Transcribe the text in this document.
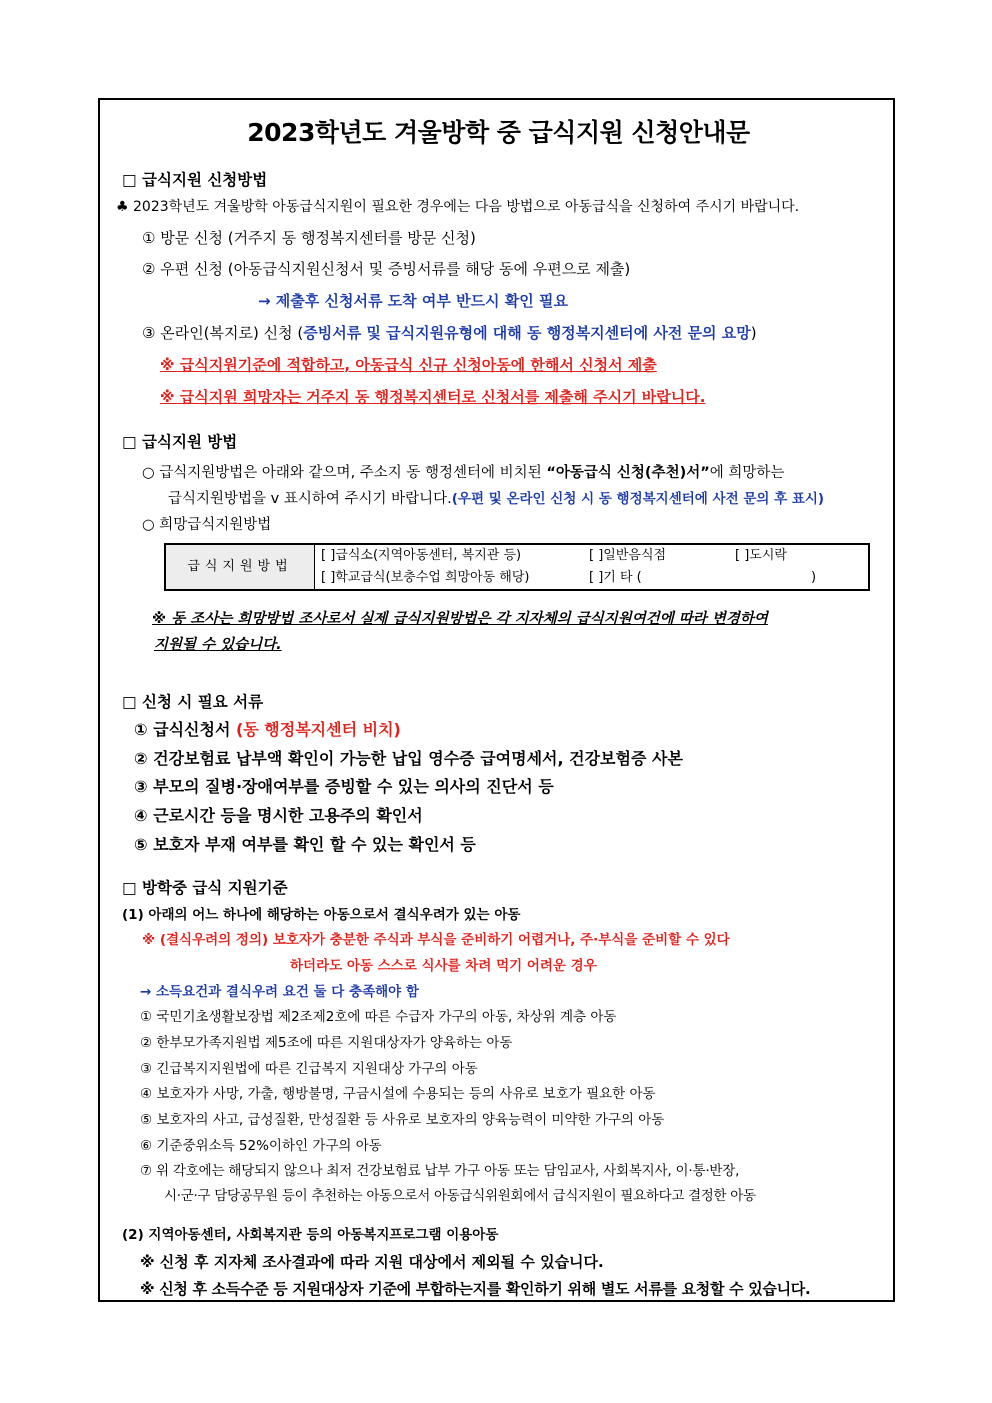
2023학년도 겨울방학 중 급식지원 신청안내문
□ 급식지원 신청방법
♣ 2023학년도 겨울방학 아동급식지원이 필요한 경우에는 다음 방법으로 아동급식을 신청하여 주시기 바랍니다.
① 방문 신청 (거주지 동 행정복지센터를 방문 신청)
② 우편 신청 (아동급식지원신청서 및 증빙서류를 해당 동에 우편으로 제출)
→ 제출후 신청서류 도착 여부 반드시 확인 필요
③ 온라인(복지로) 신청 (증빙서류 및 급식지원유형에 대해 동 행정복지센터에 사전 문의 요망)
※ 급식지원기준에 적합하고, 아동급식 신규 신청아동에 한해서 신청서 제출
※ 급식지원 희망자는 거주지 동 행정복지센터로 신청서를 제출해 주시기 바랍니다.
□ 급식지원 방법
○ 급식지원방법은 아래와 같으며, 주소지 동 행정센터에 비치된 “아동급식 신청(추천)서”에 희망하는
급식지원방법을 v 표시하여 주시기 바랍니다.(우편 및 온라인 신청 시 동 행정복지센터에 사전 문의 후 표시)
○ 희망급식지원방법
급식지원방법	[ ]급식소(지역아동센터, 복지관 등)	[ ]일반음식점	[ ]도시락
[ ]학교급식(보충수업 희망아동 해당)	[ ]기 타 (	)
※ 동 조사는 희망방법 조사로서 실제 급식지원방법은 각 지자체의 급식지원여건에 따라 변경하여
지원될 수 있습니다.
□ 신청 시 필요 서류
① 급식신청서 (동 행정복지센터 비치)
② 건강보험료 납부액 확인이 가능한 납입 영수증 급여명세서, 건강보험증 사본
③ 부모의 질병·장애여부를 증빙할 수 있는 의사의 진단서 등
④ 근로시간 등을 명시한 고용주의 확인서
⑤ 보호자 부재 여부를 확인 할 수 있는 확인서 등
□ 방학중 급식 지원기준
(1) 아래의 어느 하나에 해당하는 아동으로서 결식우려가 있는 아동
※ (결식우려의 정의) 보호자가 충분한 주식과 부식을 준비하기 어렵거나, 주·부식을 준비할 수 있다
하더라도 아동 스스로 식사를 차려 먹기 어려운 경우
→ 소득요건과 결식우려 요건 둘 다 충족해야 함
① 국민기초생활보장법 제2조제2호에 따른 수급자 가구의 아동, 차상위 계층 아동
② 한부모가족지원법 제5조에 따른 지원대상자가 양육하는 아동
③ 긴급복지지원법에 따른 긴급복지 지원대상 가구의 아동
④ 보호자가 사망, 가출, 행방불명, 구금시설에 수용되는 등의 사유로 보호가 필요한 아동
⑤ 보호자의 사고, 급성질환, 만성질환 등 사유로 보호자의 양육능력이 미약한 가구의 아동
⑥ 기준중위소득 52%이하인 가구의 아동
⑦ 위 각호에는 해당되지 않으나 최저 건강보험료 납부 가구 아동 또는 담임교사, 사회복지사, 이·통·반장,
시·군·구 담당공무원 등이 추천하는 아동으로서 아동급식위원회에서 급식지원이 필요하다고 결정한 아동
(2) 지역아동센터, 사회복지관 등의 아동복지프로그램 이용아동
※ 신청 후 지자체 조사결과에 따라 지원 대상에서 제외될 수 있습니다.
※ 신청 후 소득수준 등 지원대상자 기준에 부합하는지를 확인하기 위해 별도 서류를 요청할 수 있습니다.
